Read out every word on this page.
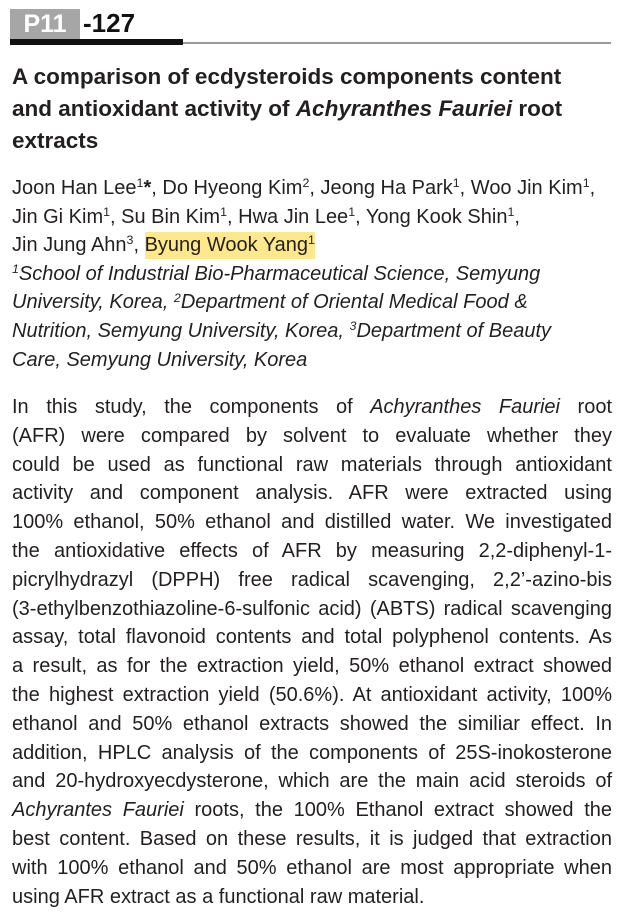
P11 -127
A comparison of ecdysteroids components content
and antioxidant activity of Achyranthes Fauriei root
extracts
Joon Han Lee$^1$*, Do Hyeong Kim$^2$, Jeong Ha Park$^1$, Woo Jin Kim$^1$,
Jin Gi Kim$^1$, Su Bin Kim$^1$, Hwa Jin Lee$^1$, Yong Kook Shin$^1$,
Jin Jung Ahn$^3$, Byung Wook Yang$^1$
$^1$School of Industrial Bio-Pharmaceutical Science, Semyung
University, Korea, $^2$Department of Oriental Medical Food &
Nutrition, Semyung University, Korea, $^3$Department of Beauty
Care, Semyung University, Korea
In this study, the components of Achyranthes Fauriei root
(AFR) were compared by solvent to evaluate whether they
could be used as functional raw materials through antioxidant
activity and component analysis. AFR were extracted using
100% ethanol, 50% ethanol and distilled water. We investigated
the antioxidative effects of AFR by measuring 2,2-diphenyl-1-
picrylhydrazyl (DPPH) free radical scavenging, 2,2’-azino-bis
(3-ethylbenzothiazoline-6-sulfonic acid) (ABTS) radical scavenging
assay, total flavonoid contents and total polyphenol contents. As
a result, as for the extraction yield, 50% ethanol extract showed
the highest extraction yield (50.6%). At antioxidant activity, 100%
ethanol and 50% ethanol extracts showed the similiar effect. In
addition, HPLC analysis of the components of 25S-inokosterone
and 20-hydroxyecdysterone, which are the main acid steroids of
Achyrantes Fauriei roots, the 100% Ethanol extract showed the
best content. Based on these results, it is judged that extraction
with 100% ethanol and 50% ethanol are most appropriate when
using AFR extract as a functional raw material.
